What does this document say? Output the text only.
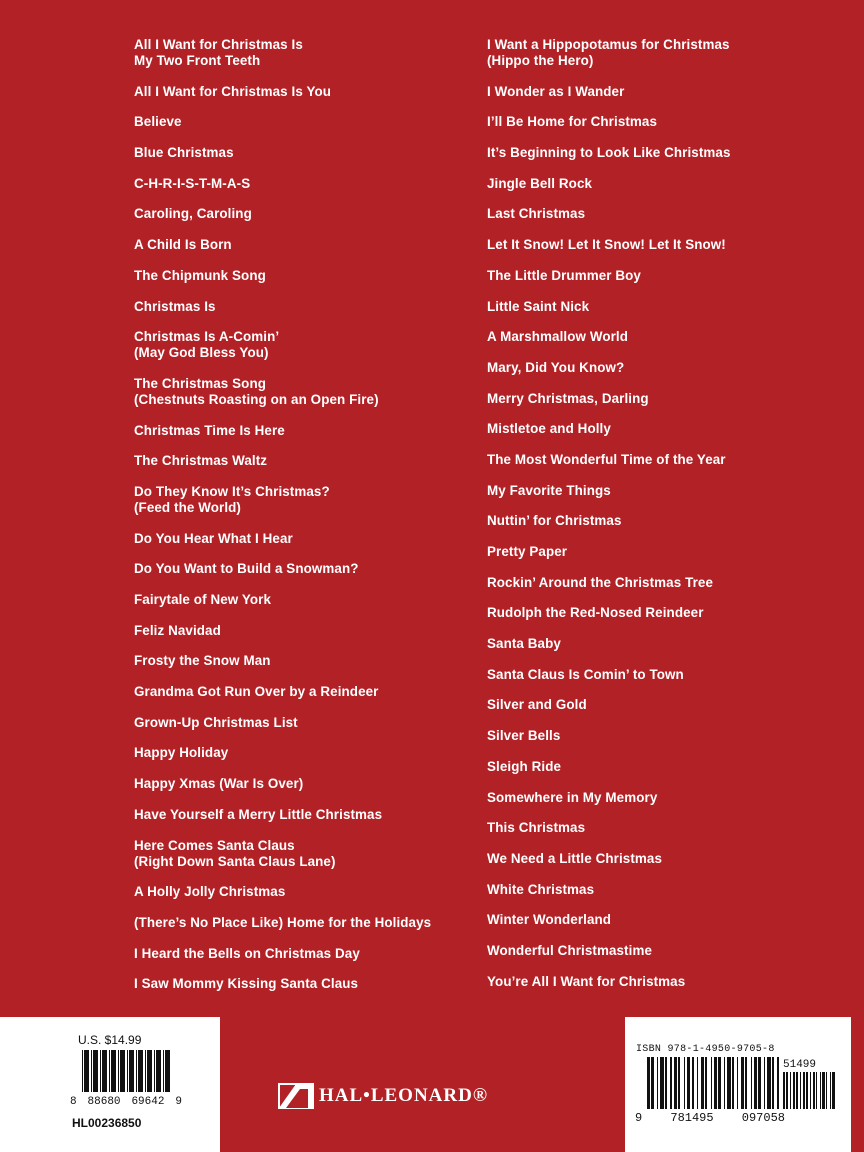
All I Want for Christmas Is
My Two Front Teeth
All I Want for Christmas Is You
Believe
Blue Christmas
C-H-R-I-S-T-M-A-S
Caroling, Caroling
A Child Is Born
The Chipmunk Song
Christmas Is
Christmas Is A-Comin’
(May God Bless You)
The Christmas Song
(Chestnuts Roasting on an Open Fire)
Christmas Time Is Here
The Christmas Waltz
Do They Know It’s Christmas?
(Feed the World)
Do You Hear What I Hear
Do You Want to Build a Snowman?
Fairytale of New York
Feliz Navidad
Frosty the Snow Man
Grandma Got Run Over by a Reindeer
Grown-Up Christmas List
Happy Holiday
Happy Xmas (War Is Over)
Have Yourself a Merry Little Christmas
Here Comes Santa Claus
(Right Down Santa Claus Lane)
A Holly Jolly Christmas
(There’s No Place Like) Home for the Holidays
I Heard the Bells on Christmas Day
I Saw Mommy Kissing Santa Claus
I Want a Hippopotamus for Christmas
(Hippo the Hero)
I Wonder as I Wander
I’ll Be Home for Christmas
It’s Beginning to Look Like Christmas
Jingle Bell Rock
Last Christmas
Let It Snow! Let It Snow! Let It Snow!
The Little Drummer Boy
Little Saint Nick
A Marshmallow World
Mary, Did You Know?
Merry Christmas, Darling
Mistletoe and Holly
The Most Wonderful Time of the Year
My Favorite Things
Nuttin’ for Christmas
Pretty Paper
Rockin’ Around the Christmas Tree
Rudolph the Red-Nosed Reindeer
Santa Baby
Santa Claus Is Comin’ to Town
Silver and Gold
Silver Bells
Sleigh Ride
Somewhere in My Memory
This Christmas
We Need a Little Christmas
White Christmas
Winter Wonderland
Wonderful Christmastime
You’re All I Want for Christmas
U.S. $14.99
8 88680 69642 9
HL00236850
HAL•LEONARD®
ISBN 978-1-4950-9705-8
51499
9 781495 097058
